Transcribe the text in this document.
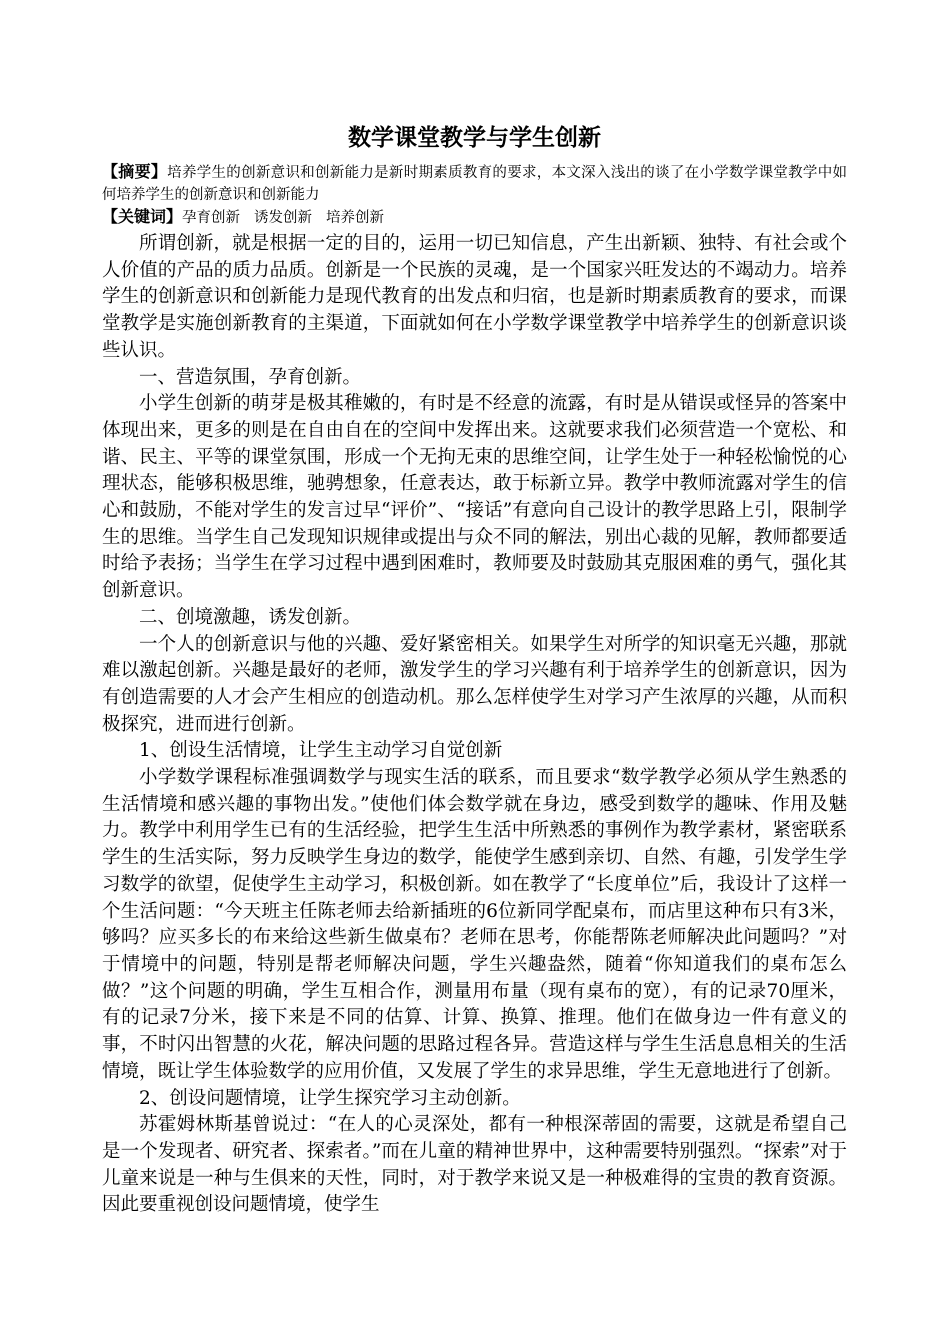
数学课堂教学与学生创新

【摘要】培养学生的创新意识和创新能力是新时期素质教育的要求，本文深入浅出的谈了在小学数学课堂教学中如何培养学生的创新意识和创新能力

【关键词】孕育创新 诱发创新 培养创新

所谓创新，就是根据一定的目的，运用一切已知信息，产生出新颖、独特、有社会或个人价值的产品的质力品质。创新是一个民族的灵魂，是一个国家兴旺发达的不竭动力。培养学生的创新意识和创新能力是现代教育的出发点和归宿，也是新时期素质教育的要求，而课堂教学是实施创新教育的主渠道，下面就如何在小学数学课堂教学中培养学生的创新意识谈些认识。

一、营造氛围，孕育创新。

小学生创新的萌芽是极其稚嫩的，有时是不经意的流露，有时是从错误或怪异的答案中体现出来，更多的则是在自由自在的空间中发挥出来。这就要求我们必须营造一个宽松、和谐、民主、平等的课堂氛围，形成一个无拘无束的思维空间，让学生处于一种轻松愉悦的心理状态，能够积极思维，驰骋想象，任意表达，敢于标新立异。教学中教师流露对学生的信心和鼓励，不能对学生的发言过早“评价”、“接话”有意向自己设计的教学思路上引，限制学生的思维。当学生自己发现知识规律或提出与众不同的解法，别出心裁的见解，教师都要适时给予表扬；当学生在学习过程中遇到困难时，教师要及时鼓励其克服困难的勇气，强化其创新意识。

二、创境激趣，诱发创新。

一个人的创新意识与他的兴趣、爱好紧密相关。如果学生对所学的知识毫无兴趣，那就难以激起创新。兴趣是最好的老师，激发学生的学习兴趣有利于培养学生的创新意识，因为有创造需要的人才会产生相应的创造动机。那么怎样使学生对学习产生浓厚的兴趣，从而积极探究，进而进行创新。

1、创设生活情境，让学生主动学习自觉创新

小学数学课程标准强调数学与现实生活的联系，而且要求“数学教学必须从学生熟悉的生活情境和感兴趣的事物出发。”使他们体会数学就在身边，感受到数学的趣味、作用及魅力。教学中利用学生已有的生活经验，把学生生活中所熟悉的事例作为教学素材，紧密联系学生的生活实际，努力反映学生身边的数学，能使学生感到亲切、自然、有趣，引发学生学习数学的欲望，促使学生主动学习，积极创新。如在教学了“长度单位”后，我设计了这样一个生活问题：“今天班主任陈老师去给新插班的6位新同学配桌布，而店里这种布只有3米，够吗？应买多长的布来给这些新生做桌布？老师在思考，你能帮陈老师解决此问题吗？”对于情境中的问题，特别是帮老师解决问题，学生兴趣盎然，随着“你知道我们的桌布怎么做？”这个问题的明确，学生互相合作，测量用布量（现有桌布的宽），有的记录70厘米，有的记录7分米，接下来是不同的估算、计算、换算、推理。他们在做身边一件有意义的事，不时闪出智慧的火花，解决问题的思路过程各异。营造这样与学生生活息息相关的生活情境，既让学生体验数学的应用价值，又发展了学生的求异思维，学生无意地进行了创新。

2、创设问题情境，让学生探究学习主动创新。

苏霍姆林斯基曾说过：“在人的心灵深处，都有一种根深蒂固的需要，这就是希望自己是一个发现者、研究者、探索者。”而在儿童的精神世界中，这种需要特别强烈。“探索”对于儿童来说是一种与生俱来的天性，同时，对于教学来说又是一种极难得的宝贵的教育资源。因此要重视创设问题情境，使学生
